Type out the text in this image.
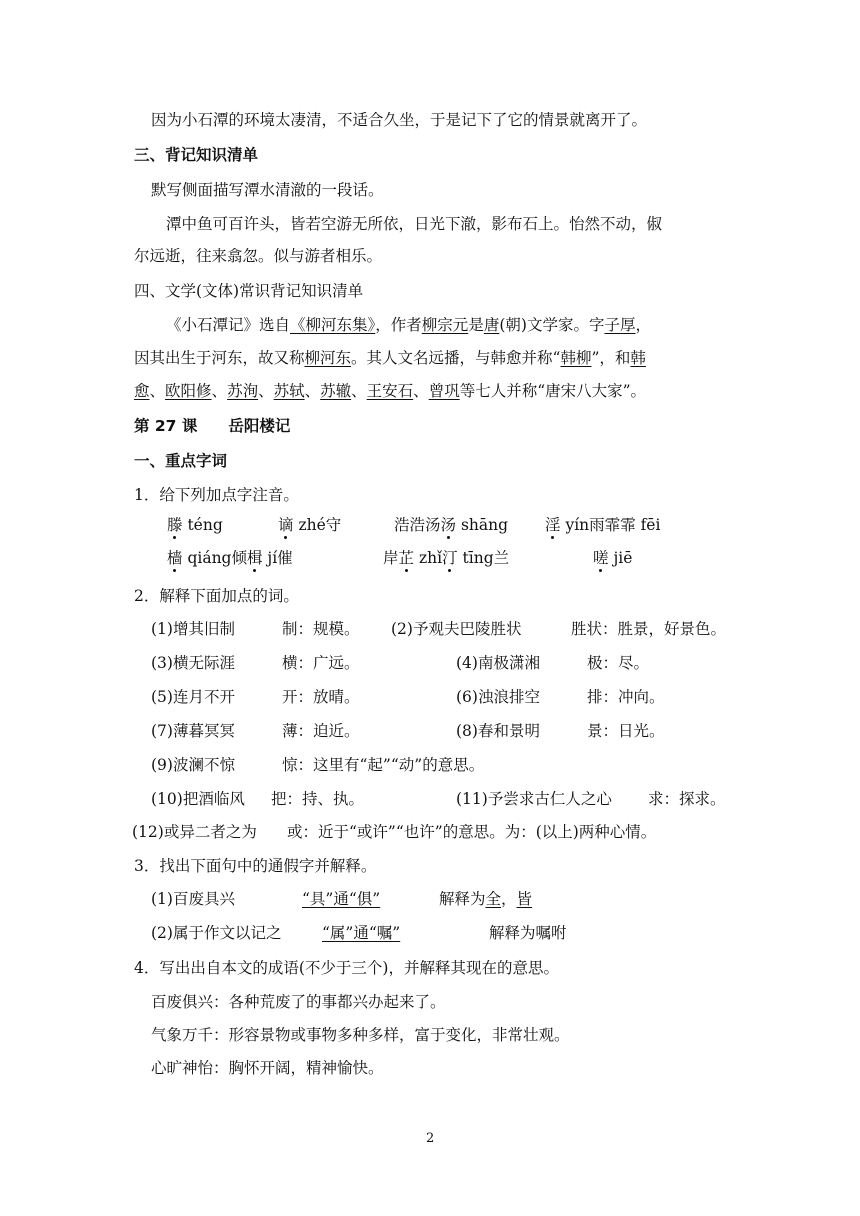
因为小石潭的环境太凄清，不适合久坐，于是记下了它的情景就离开了。
三、背记知识清单
默写侧面描写潭水清澈的一段话。
潭中鱼可百许头，皆若空游无所依，日光下澈，影布石上。怡然不动，俶
尔远逝，往来翕忽。似与游者相乐。
四、文学(文体)常识背记知识清单
《小石潭记》选自《柳河东集》，作者柳宗元是唐(朝)文学家。字子厚，
因其出生于河东，故又称柳河东。其人文名远播，与韩愈并称“韩柳”，和韩
愈、欧阳修、苏洵、苏轼、苏辙、王安石、曾巩等七人并称“唐宋八大家”。
第 27 课　　岳阳楼记
一、重点字词
1．给下列加点字注音。
滕 téng	谪 zhé守	浩浩汤汤 shāng 淫 yín雨霏霏 fēi
樯 qiáng倾楫 jí催	岸芷 zhǐ汀 tīng兰	嗟 jiē
2．解释下面加点的词。
(1)增其旧制	制：规模。 (2)予观夫巴陵胜状	胜状：胜景，好景色。
(3)横无际涯	横：广远。	(4)南极潇湘	极：尽。
(5)连月不开	开：放晴。	(6)浊浪排空	排：冲向。
(7)薄暮冥冥	薄：迫近。	(8)春和景明	景：日光。
(9)波澜不惊	惊：这里有“起”“动”的意思。
(10)把酒临风 把：持、执。	(11)予尝求古仁人之心 求：探求。
(12)或异二者之为 或：近于“或许”“也许”的意思。为：(以上)两种心情。
3．找出下面句中的通假字并解释。
(1)百废具兴	“具”通“俱”	解释为全，皆
(2)属于作文以记之	“属”通“嘱”	解释为嘱咐
4．写出出自本文的成语(不少于三个)，并解释其现在的意思。
百废俱兴：各种荒废了的事都兴办起来了。
气象万千：形容景物或事物多种多样，富于变化，非常壮观。
心旷神怡：胸怀开阔，精神愉快。
2
